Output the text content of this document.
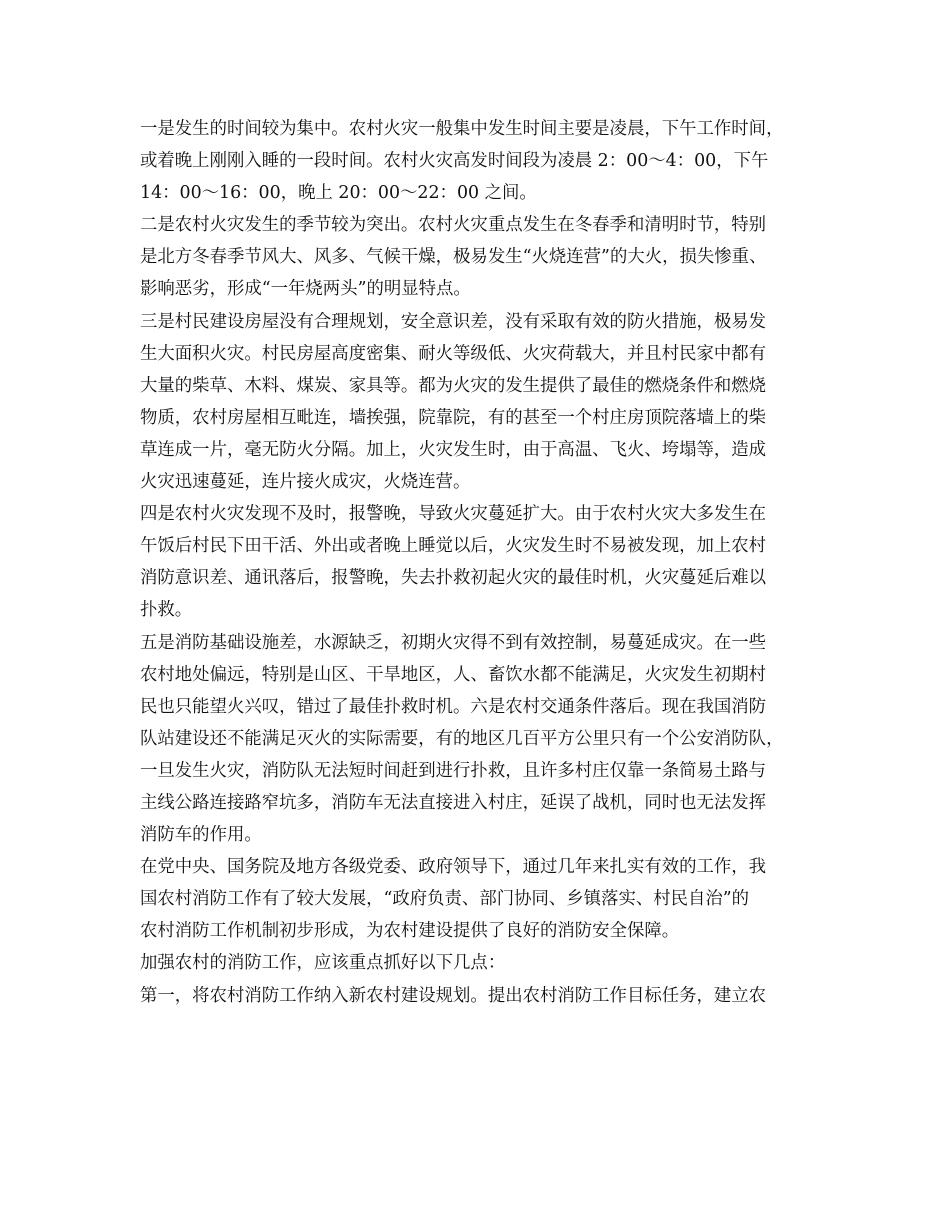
一是发生的时间较为集中。农村火灾一般集中发生时间主要是凌晨，下午工作时间，
或着晚上刚刚入睡的一段时间。农村火灾高发时间段为凌晨 2：00～4：00，下午
14：00～16：00，晚上 20：00～22：00 之间。
二是农村火灾发生的季节较为突出。农村火灾重点发生在冬春季和清明时节，特别
是北方冬春季节风大、风多、气候干燥，极易发生“火烧连营”的大火，损失惨重、
影响恶劣，形成“一年烧两头”的明显特点。
三是村民建设房屋没有合理规划，安全意识差，没有采取有效的防火措施，极易发
生大面积火灾。村民房屋高度密集、耐火等级低、火灾荷载大，并且村民家中都有
大量的柴草、木料、煤炭、家具等。都为火灾的发生提供了最佳的燃烧条件和燃烧
物质，农村房屋相互毗连，墙挨强，院靠院，有的甚至一个村庄房顶院落墙上的柴
草连成一片，毫无防火分隔。加上，火灾发生时，由于高温、飞火、垮塌等，造成
火灾迅速蔓延，连片接火成灾，火烧连营。
四是农村火灾发现不及时，报警晚，导致火灾蔓延扩大。由于农村火灾大多发生在
午饭后村民下田干活、外出或者晚上睡觉以后，火灾发生时不易被发现，加上农村
消防意识差、通讯落后，报警晚，失去扑救初起火灾的最佳时机，火灾蔓延后难以
扑救。
五是消防基础设施差，水源缺乏，初期火灾得不到有效控制，易蔓延成灾。在一些
农村地处偏远，特别是山区、干旱地区，人、畜饮水都不能满足，火灾发生初期村
民也只能望火兴叹，错过了最佳扑救时机。六是农村交通条件落后。现在我国消防
队站建设还不能满足灭火的实际需要，有的地区几百平方公里只有一个公安消防队，
一旦发生火灾，消防队无法短时间赶到进行扑救，且许多村庄仅靠一条简易土路与
主线公路连接路窄坑多，消防车无法直接进入村庄，延误了战机，同时也无法发挥
消防车的作用。
在党中央、国务院及地方各级党委、政府领导下，通过几年来扎实有效的工作，我
国农村消防工作有了较大发展，“政府负责、部门协同、乡镇落实、村民自治”的
农村消防工作机制初步形成，为农村建设提供了良好的消防安全保障。
加强农村的消防工作，应该重点抓好以下几点：
第一，将农村消防工作纳入新农村建设规划。提出农村消防工作目标任务，建立农
